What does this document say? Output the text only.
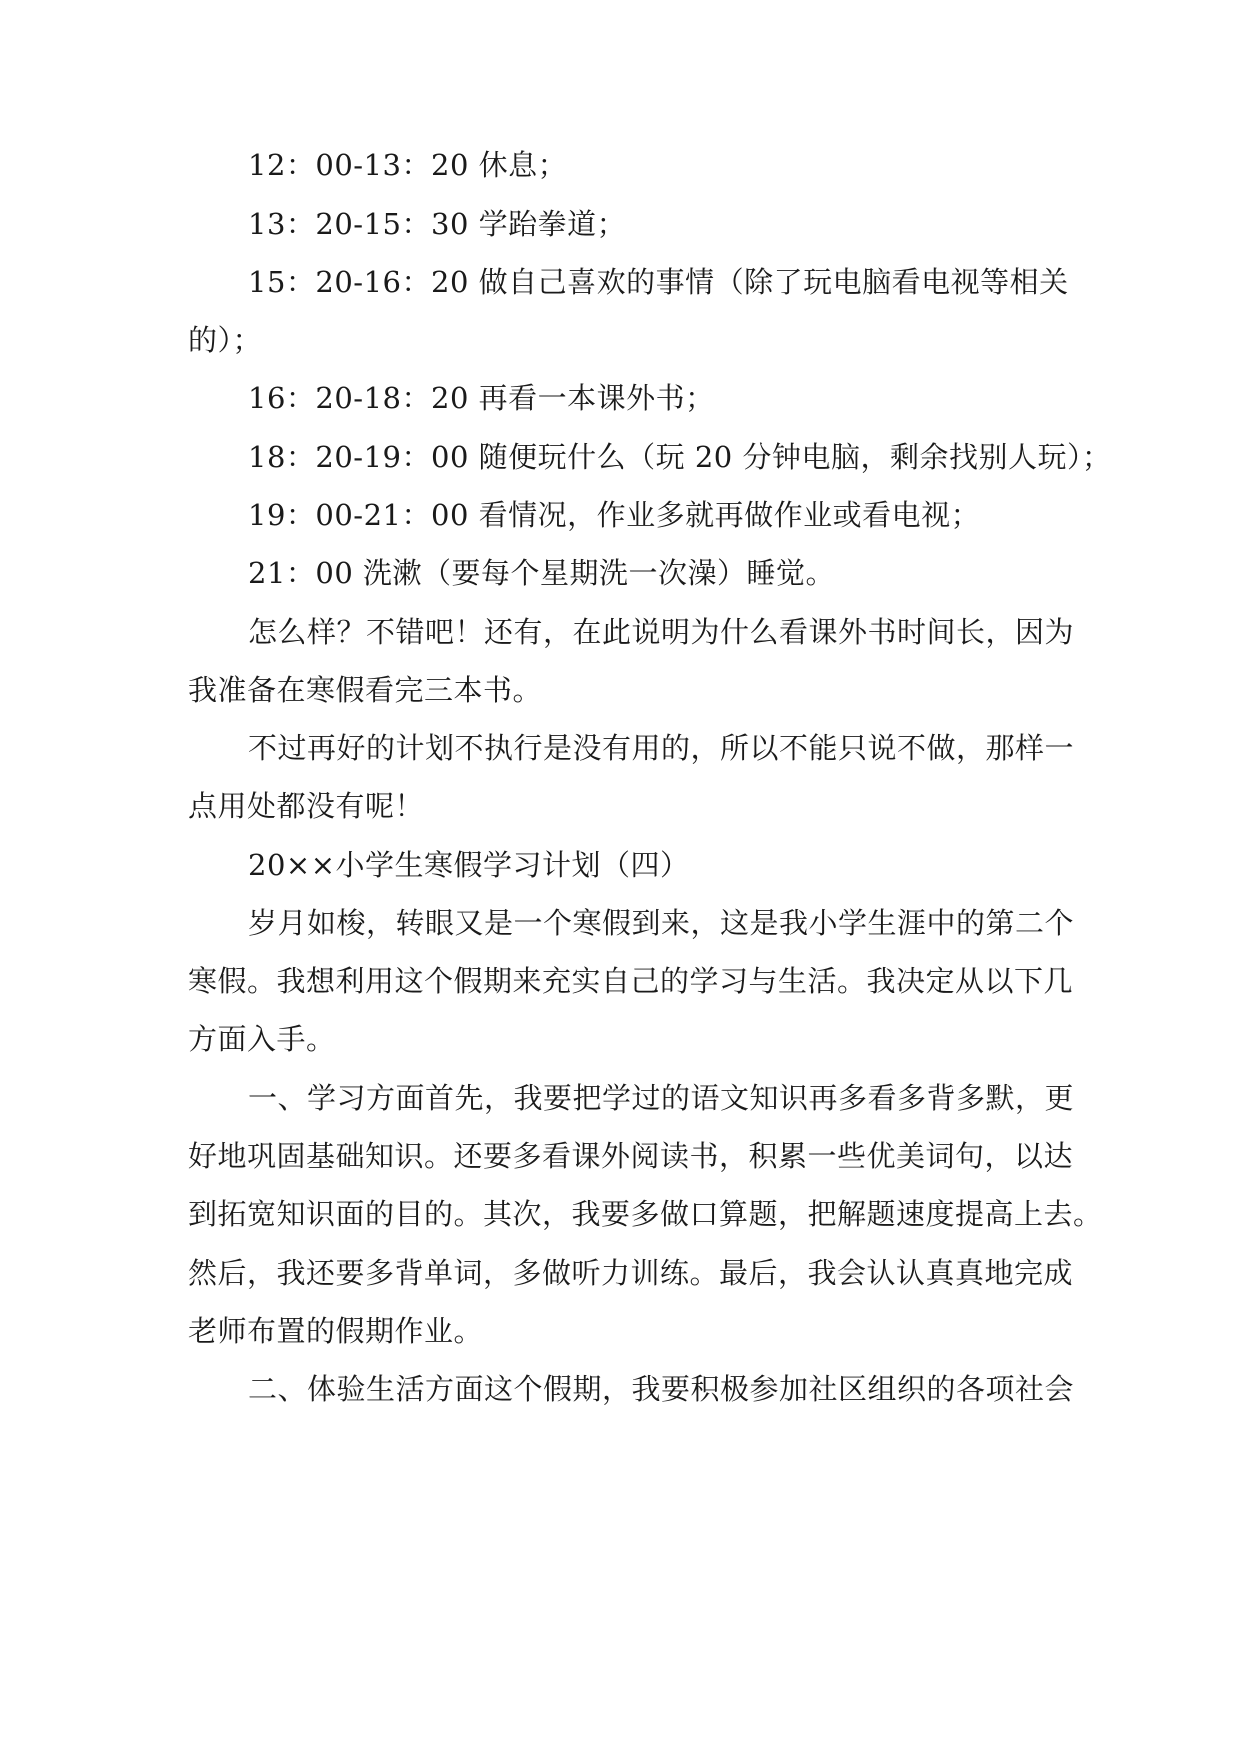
12：00-13：20 休息；
13：20-15：30 学跆拳道；
15：20-16：20 做自己喜欢的事情（除了玩电脑看电视等相关
的）；
16：20-18：20 再看一本课外书；
18：20-19：00 随便玩什么（玩 20 分钟电脑，剩余找别人玩）；
19：00-21：00 看情况，作业多就再做作业或看电视；
21：00 洗漱（要每个星期洗一次澡）睡觉。
怎么样？不错吧！还有，在此说明为什么看课外书时间长，因为
我准备在寒假看完三本书。
不过再好的计划不执行是没有用的，所以不能只说不做，那样一
点用处都没有呢！
20××小学生寒假学习计划（四）
岁月如梭，转眼又是一个寒假到来，这是我小学生涯中的第二个
寒假。我想利用这个假期来充实自己的学习与生活。我决定从以下几
方面入手。
一、学习方面首先，我要把学过的语文知识再多看多背多默，更
好地巩固基础知识。还要多看课外阅读书，积累一些优美词句，以达
到拓宽知识面的目的。其次，我要多做口算题，把解题速度提高上去。
然后，我还要多背单词，多做听力训练。最后，我会认认真真地完成
老师布置的假期作业。
二、体验生活方面这个假期，我要积极参加社区组织的各项社会
